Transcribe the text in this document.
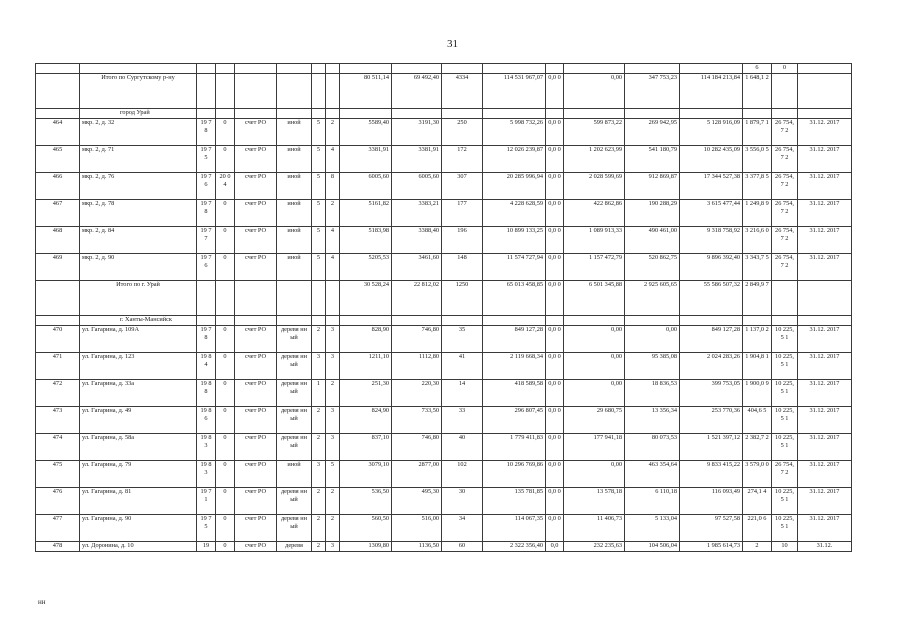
31
																6	0	
	Итого по Сургутскому р-ну							80 511,14	69 492,40	4334	114 531 967,07	0,0 0	0,00	347 753,23	114 184 213,84	1 648,1 2		
	город Урай																	
464	мкр. 2, д. 32	19 78	0	счет РО	иной	5	2	5589,40	3191,30	250	5 998 732,26	0,0 0	599 873,22	269 942,95	5 128 916,09	1 879,7 1	26 754,7 2	31.12. 2017
465	мкр. 2, д. 71	19 75	0	счет РО	иной	5	4	3381,91	3381,91	172	12 026 239,87	0,0 0	1 202 623,99	541 180,79	10 282 435,09	3 556,0 5	26 754,7 2	31.12. 2017
466	мкр. 2, д. 76	19 76	20 04	счет РО	иной	5	8	6005,60	6005,60	307	20 285 996,94	0,0 0	2 028 599,69	912 869,87	17 344 527,38	3 377,8 5	26 754,7 2	31.12. 2017
467	мкр. 2, д. 78	19 78	0	счет РО	иной	5	2	5161,82	3383,21	177	4 228 628,59	0,0 0	422 862,86	190 288,29	3 615 477,44	1 249,8 9	26 754,7 2	31.12. 2017
468	мкр. 2, д. 84	19 77	0	счет РО	иной	5	4	5183,98	3388,40	196	10 899 133,25	0,0 0	1 089 913,33	490 461,00	9 318 758,92	3 216,6 0	26 754,7 2	31.12. 2017
469	мкр. 2, д. 90	19 76	0	счет РО	иной	5	4	5205,53	3461,60	148	11 574 727,94	0,0 0	1 157 472,79	520 862,75	9 896 392,40	3 343,7 5	26 754,7 2	31.12. 2017
	Итого по г. Урай							30 528,24	22 812,02	1250	65 013 458,85	0,0 0	6 501 345,88	2 925 605,65	55 586 507,32	2 849,9 7		
	г. Ханты-Мансийск																	
470	ул. Гагарина, д. 109А	19 78	0	счет РО	деревя нный	2	3	828,90	746,80	35	849 127,28	0,0 0	0,00	0,00	849 127,28	1 137,0 2	10 225,5 1	31.12. 2017
471	ул. Гагарина, д. 123	19 84	0	счет РО	деревя нный	3	3	1211,10	1112,80	41	2 119 668,34	0,0 0	0,00	95 385,08	2 024 283,26	1 904,8 1	10 225,5 1	31.12. 2017
472	ул. Гагарина, д. 33а	19 88	0	счет РО	деревя нный	1	2	251,30	220,30	14	418 589,58	0,0 0	0,00	18 836,53	399 753,05	1 900,0 9	10 225,5 1	31.12. 2017
473	ул. Гагарина, д. 49	19 86	0	счет РО	деревя нный	2	3	824,90	733,50	33	296 807,45	0,0 0	29 680,75	13 356,34	253 770,36	404,6 5	10 225,5 1	31.12. 2017
474	ул. Гагарина, д. 58а	19 83	0	счет РО	деревя нный	2	3	837,10	746,80	40	1 779 411,83	0,0 0	177 941,18	80 073,53	1 521 397,12	2 382,7 2	10 225,5 1	31.12. 2017
475	ул. Гагарина, д. 79	19 83	0	счет РО	иной	3	5	3079,10	2877,00	102	10 296 769,86	0,0 0	0,00	463 354,64	9 833 415,22	3 579,0 0	26 754,7 2	31.12. 2017
476	ул. Гагарина, д. 81	19 71	0	счет РО	деревя нный	2	2	536,50	495,30	30	135 781,85	0,0 0	13 578,18	6 110,18	116 093,49	274,1 4	10 225,5 1	31.12. 2017
477	ул. Гагарина, д. 90	19 75	0	счет РО	деревя нный	2	2	560,50	516,00	34	114 067,35	0,0 0	11 406,73	5 133,04	97 527,58	221,0 6	10 225,5 1	31.12. 2017
478	ул. Доронина, д. 10	19	0	счет РО	деревя	2	3	1309,80	1136,50	60	2 322 356,40	0,0	232 235,63	104 506,04	1 985 614,73	2	10	31.12.
нн
